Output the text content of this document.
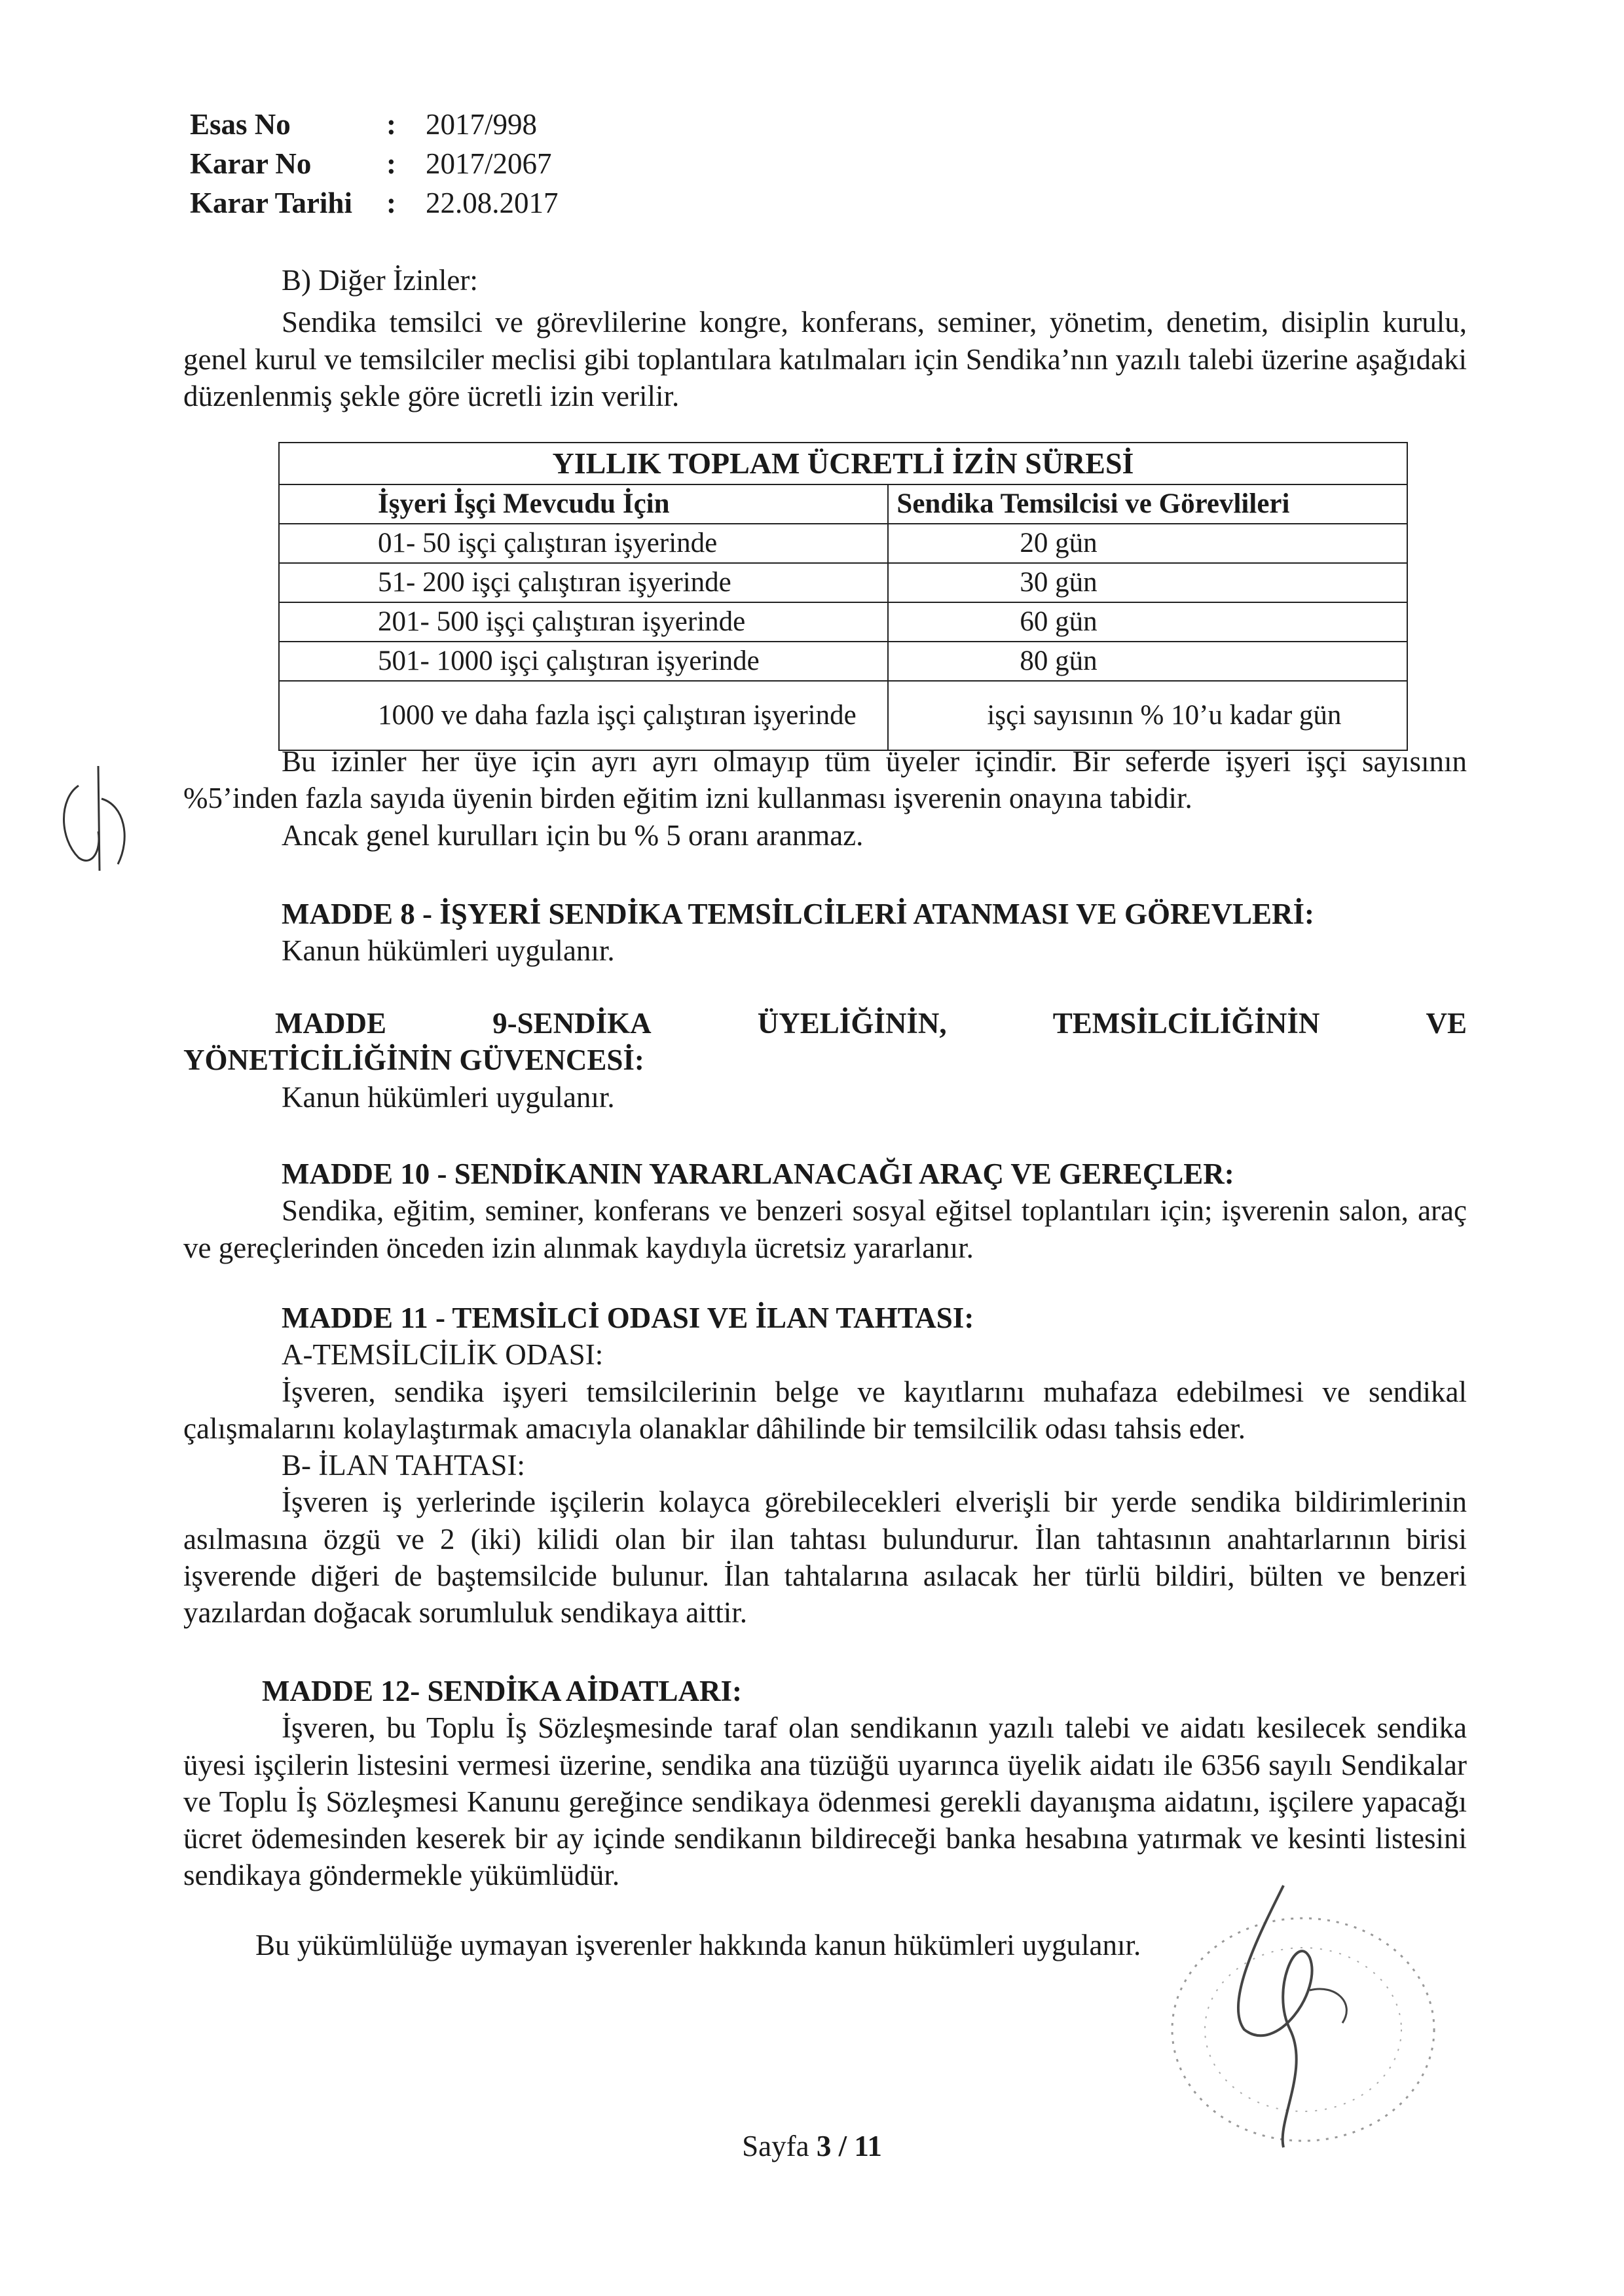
Esas No	:	2017/998
Karar No	:	2017/2067
Karar Tarihi	:	22.08.2017

B) Diğer İzinler:

Sendika temsilci ve görevlilerine kongre, konferans, seminer, yönetim, denetim, disiplin kurulu, genel kurul ve temsilciler meclisi gibi toplantılara katılmaları için Sendika’nın yazılı talebi üzerine aşağıdaki düzenlenmiş şekle göre ücretli izin verilir.

YILLIK TOPLAM ÜCRETLİ İZİN SÜRESİ	
İşyeri İşçi Mevcudu İçin	Sendika Temsilcisi ve Görevlileri
01- 50 işçi çalıştıran işyerinde	20 gün
51- 200 işçi çalıştıran işyerinde	30 gün
201- 500 işçi çalıştıran işyerinde	60 gün
501- 1000 işçi çalıştıran işyerinde	80 gün
1000 ve daha fazla işçi çalıştıran işyerinde	işçi sayısının % 10’u kadar gün

Bu izinler her üye için ayrı ayrı olmayıp tüm üyeler içindir. Bir seferde işyeri işçi sayısının %5’inden fazla sayıda üyenin birden eğitim izni kullanması işverenin onayına tabidir.

Ancak genel kurulları için bu % 5 oranı aranmaz.

MADDE 8 - İŞYERİ SENDİKA TEMSİLCİLERİ ATANMASI VE GÖREVLERİ:

Kanun hükümleri uygulanır.

MADDE	9-SENDİKA	ÜYELİĞİNİN,	TEMSİLCİLİĞİNİN	VE

YÖNETİCİLİĞİNİN GÜVENCESİ:

Kanun hükümleri uygulanır.

MADDE 10 - SENDİKANIN YARARLANACAĞI ARAÇ VE GEREÇLER:

Sendika, eğitim, seminer, konferans ve benzeri sosyal eğitsel toplantıları için; işverenin salon, araç ve gereçlerinden önceden izin alınmak kaydıyla ücretsiz yararlanır.

MADDE 11 - TEMSİLCİ ODASI VE İLAN TAHTASI:

A-TEMSİLCİLİK ODASI:

İşveren, sendika işyeri temsilcilerinin belge ve kayıtlarını muhafaza edebilmesi ve sendikal çalışmalarını kolaylaştırmak amacıyla olanaklar dâhilinde bir temsilcilik odası tahsis eder.

B- İLAN TAHTASI:

İşveren iş yerlerinde işçilerin kolayca görebilecekleri elverişli bir yerde sendika bildirimlerinin asılmasına özgü ve 2 (iki) kilidi olan bir ilan tahtası bulundurur. İlan tahtasının anahtarlarının birisi işverende diğeri de baştemsilcide bulunur. İlan tahtalarına asılacak her türlü bildiri, bülten ve benzeri yazılardan doğacak sorumluluk sendikaya aittir.

MADDE 12- SENDİKA AİDATLARI:

İşveren, bu Toplu İş Sözleşmesinde taraf olan sendikanın yazılı talebi ve aidatı kesilecek sendika üyesi işçilerin listesini vermesi üzerine, sendika ana tüzüğü uyarınca üyelik aidatı ile 6356 sayılı Sendikalar ve Toplu İş Sözleşmesi Kanunu gereğince sendikaya ödenmesi gerekli dayanışma aidatını, işçilere yapacağı ücret ödemesinden keserek bir ay içinde sendikanın bildireceği banka hesabına yatırmak ve kesinti listesini sendikaya göndermekle yükümlüdür.

Bu yükümlülüğe uymayan işverenler hakkında kanun hükümleri uygulanır.

Sayfa 3 / 11
